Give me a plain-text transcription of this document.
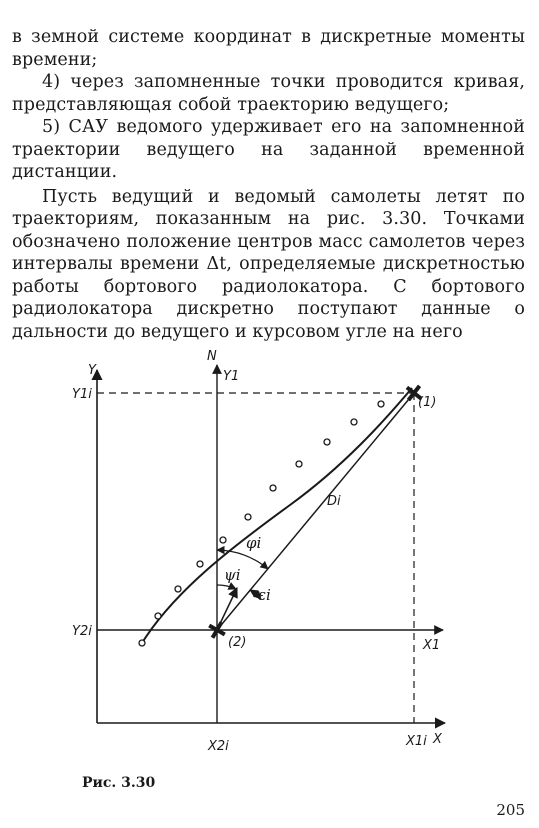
в земной системе координат в дискретные моменты времени;

4) через запомненные точки проводится кривая, представляющая собой траекторию ведущего;

5) САУ ведомого удерживает его на запомненной траектории ведущего на заданной временной дистанции.

Пусть ведущий и ведомый самолеты летят по траекториям, показанным на рис. 3.30. Точками обозначено положение центров масс самолетов через интервалы времени Δt, определяемые дискретностью работы бортового радиолокатора. С бортового радиолокатора дискретно поступают данные о дальности до ведущего и курсовом угле на него

Y
N
Y1
Y1i
Y2i
X1
X
X2i	X1i
(1)
(2)
Di
φi
ψi
εi
Рис. 3.30
205
